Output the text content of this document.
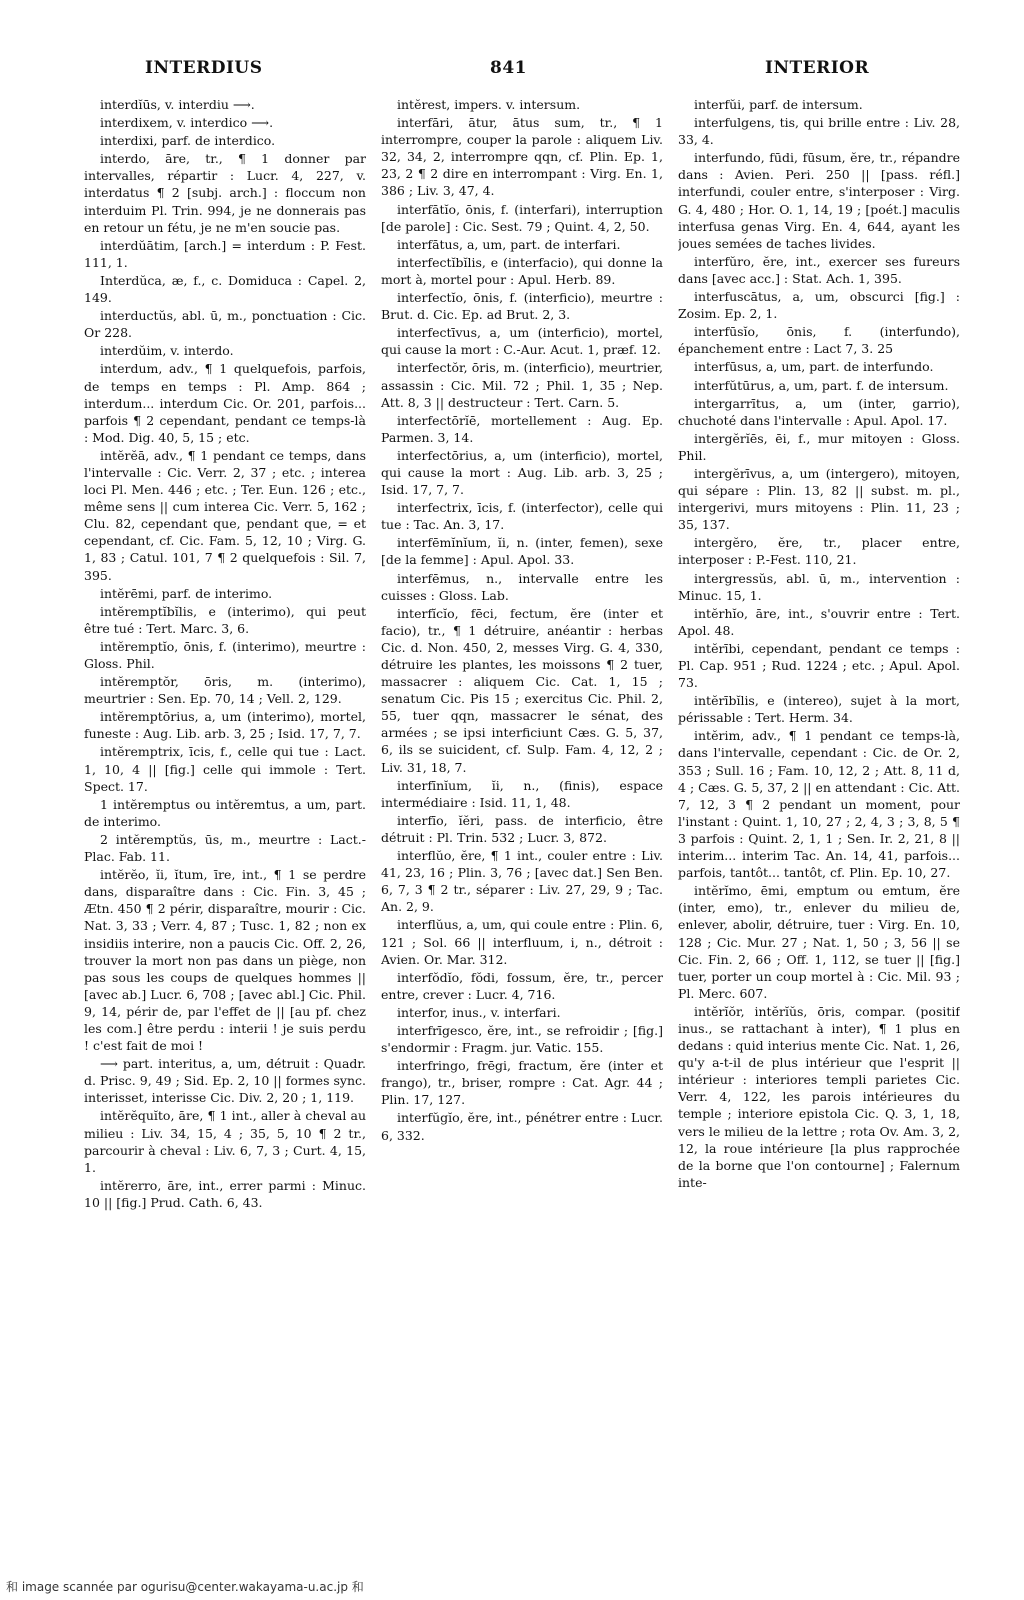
INTERDIUS	841	INTERIOR

interdĭūs, v. interdiu ⟶.

interdixem, v. interdico ⟶.

interdixi, parf. de interdico.

interdo, āre, tr., ¶ 1 donner par intervalles, répartir : Lucr. 4, 227, v. interdatus ¶ 2 [subj. arch.] : floccum non interduim Pl. Trin. 994, je ne donnerais pas en retour un fétu, je ne m'en soucie pas.

interdŭātim, [arch.] = interdum : P. Fest. 111, 1.

Interdŭca, æ, f., c. Domiduca : Capel. 2, 149.

interductŭs, abl. ū, m., ponctuation : Cic. Or 228.

interdŭim, v. interdo.

interdum, adv., ¶ 1 quelquefois, parfois, de temps en temps : Pl. Amp. 864 ; interdum... interdum Cic. Or. 201, parfois... parfois ¶ 2 cependant, pendant ce temps-là : Mod. Dig. 40, 5, 15 ; etc.

intĕrĕā, adv., ¶ 1 pendant ce temps, dans l'intervalle : Cic. Verr. 2, 37 ; etc. ; interea loci Pl. Men. 446 ; etc. ; Ter. Eun. 126 ; etc., même sens || cum interea Cic. Verr. 5, 162 ; Clu. 82, cependant que, pendant que, = et cependant, cf. Cic. Fam. 5, 12, 10 ; Virg. G. 1, 83 ; Catul. 101, 7 ¶ 2 quelquefois : Sil. 7, 395.

intĕrēmi, parf. de interimo.

intĕremptĭbĭlis, e (interimo), qui peut être tué : Tert. Marc. 3, 6.

intĕremptĭo, ōnis, f. (interimo), meurtre : Gloss. Phil.

intĕremptŏr, ōris, m. (interimo), meurtrier : Sen. Ep. 70, 14 ; Vell. 2, 129.

intĕremptōrius, a, um (interimo), mortel, funeste : Aug. Lib. arb. 3, 25 ; Isid. 17, 7, 7.

intĕremptrix, īcis, f., celle qui tue : Lact. 1, 10, 4 || [fig.] celle qui immole : Tert. Spect. 17.

1 intĕremptus ou intĕremtus, a um, part. de interimo.

2 intĕremptŭs, ūs, m., meurtre : Lact.-Plac. Fab. 11.

intĕrĕo, ĭi, ĭtum, īre, int., ¶ 1 se perdre dans, disparaître dans : Cic. Fin. 3, 45 ; Ætn. 450 ¶ 2 périr, disparaître, mourir : Cic. Nat. 3, 33 ; Verr. 4, 87 ; Tusc. 1, 82 ; non ex insidiis interire, non a paucis Cic. Off. 2, 26, trouver la mort non pas dans un piège, non pas sous les coups de quelques hommes || [avec ab.] Lucr. 6, 708 ; [avec abl.] Cic. Phil. 9, 14, périr de, par l'effet de || [au pf. chez les com.] être perdu : interii ! je suis perdu ! c'est fait de moi !

⟶ part. interitus, a, um, détruit : Quadr. d. Prisc. 9, 49 ; Sid. Ep. 2, 10 || formes sync. interisset, interisse Cic. Div. 2, 20 ; 1, 119.

intĕrĕquĭto, āre, ¶ 1 int., aller à cheval au milieu : Liv. 34, 15, 4 ; 35, 5, 10 ¶ 2 tr., parcourir à cheval : Liv. 6, 7, 3 ; Curt. 4, 15, 1.

intĕrerro, āre, int., errer parmi : Minuc. 10 || [fig.] Prud. Cath. 6, 43.

intĕrest, impers. v. intersum.

interfāri, ātur, ātus sum, tr., ¶ 1 interrompre, couper la parole : aliquem Liv. 32, 34, 2, interrompre qqn, cf. Plin. Ep. 1, 23, 2 ¶ 2 dire en interrompant : Virg. En. 1, 386 ; Liv. 3, 47, 4.

interfātĭo, ōnis, f. (interfari), interruption [de parole] : Cic. Sest. 79 ; Quint. 4, 2, 50.

interfātus, a, um, part. de interfari.

interfectĭbĭlis, e (interfacio), qui donne la mort à, mortel pour : Apul. Herb. 89.

interfectĭo, ōnis, f. (interficio), meurtre : Brut. d. Cic. Ep. ad Brut. 2, 3.

interfectīvus, a, um (interficio), mortel, qui cause la mort : C.-Aur. Acut. 1, præf. 12.

interfectŏr, ōris, m. (interficio), meurtrier, assassin : Cic. Mil. 72 ; Phil. 1, 35 ; Nep. Att. 8, 3 || destructeur : Tert. Carn. 5.

interfectōrĭē, mortellement : Aug. Ep. Parmen. 3, 14.

interfectōrius, a, um (interficio), mortel, qui cause la mort : Aug. Lib. arb. 3, 25 ; Isid. 17, 7, 7.

interfectrix, īcis, f. (interfector), celle qui tue : Tac. An. 3, 17.

interfēmĭnĭum, ĭi, n. (inter, femen), sexe [de la femme] : Apul. Apol. 33.

interfēmus, n., intervalle entre les cuisses : Gloss. Lab.

interfĭcĭo, fēci, fectum, ĕre (inter et facio), tr., ¶ 1 détruire, anéantir : herbas Cic. d. Non. 450, 2, messes Virg. G. 4, 330, détruire les plantes, les moissons ¶ 2 tuer, massacrer : aliquem Cic. Cat. 1, 15 ; senatum Cic. Pis 15 ; exercitus Cic. Phil. 2, 55, tuer qqn, massacrer le sénat, des armées ; se ipsi interficiunt Cæs. G. 5, 37, 6, ils se suicident, cf. Sulp. Fam. 4, 12, 2 ; Liv. 31, 18, 7.

interfīnĭum, ĭi, n., (finis), espace intermédiaire : Isid. 11, 1, 48.

interfīo, ĭĕri, pass. de interficio, être détruit : Pl. Trin. 532 ; Lucr. 3, 872.

interflŭo, ĕre, ¶ 1 int., couler entre : Liv. 41, 23, 16 ; Plin. 3, 76 ; [avec dat.] Sen Ben. 6, 7, 3 ¶ 2 tr., séparer : Liv. 27, 29, 9 ; Tac. An. 2, 9.

interflŭus, a, um, qui coule entre : Plin. 6, 121 ; Sol. 66 || interfluum, i, n., détroit : Avien. Or. Mar. 312.

interfŏdĭo, fŏdi, fossum, ĕre, tr., percer entre, crever : Lucr. 4, 716.

interfor, inus., v. interfari.

interfrīgesco, ĕre, int., se refroidir ; [fig.] s'endormir : Fragm. jur. Vatic. 155.

interfringo, frēgi, fractum, ĕre (inter et frango), tr., briser, rompre : Cat. Agr. 44 ; Plin. 17, 127.

interfŭgĭo, ĕre, int., pénétrer entre : Lucr. 6, 332.

interfŭi, parf. de intersum.

interfulgens, tis, qui brille entre : Liv. 28, 33, 4.

interfundo, fūdi, fūsum, ĕre, tr., répandre dans : Avien. Peri. 250 || [pass. réfl.] interfundi, couler entre, s'interposer : Virg. G. 4, 480 ; Hor. O. 1, 14, 19 ; [poét.] maculis interfusa genas Virg. En. 4, 644, ayant les joues semées de taches livides.

interfŭro, ĕre, int., exercer ses fureurs dans [avec acc.] : Stat. Ach. 1, 395.

interfuscātus, a, um, obscurci [fig.] : Zosim. Ep. 2, 1.

interfūsĭo, ōnis, f. (interfundo), épanchement entre : Lact 7, 3. 25

interfūsus, a, um, part. de interfundo.

interfŭtūrus, a, um, part. f. de intersum.

intergarrītus, a, um (inter, garrio), chuchoté dans l'intervalle : Apul. Apol. 17.

intergĕrĭēs, ēi, f., mur mitoyen : Gloss. Phil.

intergĕrīvus, a, um (intergero), mitoyen, qui sépare : Plin. 13, 82 || subst. m. pl., intergerivi, murs mitoyens : Plin. 11, 23 ; 35, 137.

intergĕro, ĕre, tr., placer entre, interposer : P.-Fest. 110, 21.

intergressŭs, abl. ū, m., intervention : Minuc. 15, 1.

intĕrhĭo, āre, int., s'ouvrir entre : Tert. Apol. 48.

intĕrībi, cependant, pendant ce temps : Pl. Cap. 951 ; Rud. 1224 ; etc. ; Apul. Apol. 73.

intĕrībĭlis, e (intereo), sujet à la mort, périssable : Tert. Herm. 34.

intĕrim, adv., ¶ 1 pendant ce temps-là, dans l'intervalle, cependant : Cic. de Or. 2, 353 ; Sull. 16 ; Fam. 10, 12, 2 ; Att. 8, 11 d, 4 ; Cæs. G. 5, 37, 2 || en attendant : Cic. Att. 7, 12, 3 ¶ 2 pendant un moment, pour l'instant : Quint. 1, 10, 27 ; 2, 4, 3 ; 3, 8, 5 ¶ 3 parfois : Quint. 2, 1, 1 ; Sen. Ir. 2, 21, 8 || interim... interim Tac. An. 14, 41, parfois... parfois, tantôt... tantôt, cf. Plin. Ep. 10, 27.

intĕrĭmo, ēmi, emptum ou emtum, ĕre (inter, emo), tr., enlever du milieu de, enlever, abolir, détruire, tuer : Virg. En. 10, 128 ; Cic. Mur. 27 ; Nat. 1, 50 ; 3, 56 || se Cic. Fin. 2, 66 ; Off. 1, 112, se tuer || [fig.] tuer, porter un coup mortel à : Cic. Mil. 93 ; Pl. Merc. 607.

intĕrĭŏr, intĕrĭŭs, ōris, compar. (positif inus., se rattachant à inter), ¶ 1 plus en dedans : quid interius mente Cic. Nat. 1, 26, qu'y a-t-il de plus intérieur que l'esprit || intérieur : interiores templi parietes Cic. Verr. 4, 122, les parois intérieures du temple ; interiore epistola Cic. Q. 3, 1, 18, vers le milieu de la lettre ; rota Ov. Am. 3, 2, 12, la roue intérieure [la plus rapprochée de la borne que l'on contourne] ; Falernum inte-

和 image scannée par ogurisu@center.wakayama-u.ac.jp 和
